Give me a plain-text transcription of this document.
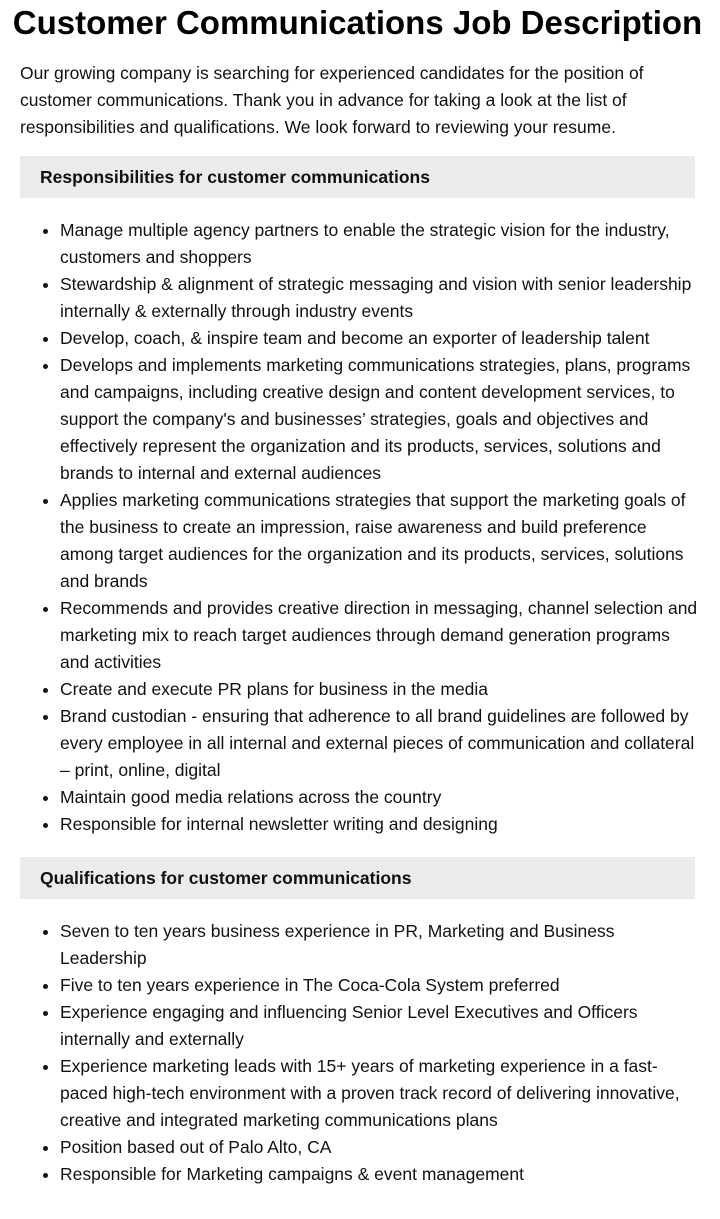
Customer Communications Job Description

Our growing company is searching for experienced candidates for the position of customer communications. Thank you in advance for taking a look at the list of responsibilities and qualifications. We look forward to reviewing your resume.

Responsibilities for customer communications
• Manage multiple agency partners to enable the strategic vision for the industry, customers and shoppers
• Stewardship & alignment of strategic messaging and vision with senior leadership internally & externally through industry events
• Develop, coach, & inspire team and become an exporter of leadership talent
• Develops and implements marketing communications strategies, plans, programs and campaigns, including creative design and content development services, to support the company's and businesses’ strategies, goals and objectives and effectively represent the organization and its products, services, solutions and brands to internal and external audiences
• Applies marketing communications strategies that support the marketing goals of the business to create an impression, raise awareness and build preference among target audiences for the organization and its products, services, solutions and brands
• Recommends and provides creative direction in messaging, channel selection and marketing mix to reach target audiences through demand generation programs and activities
• Create and execute PR plans for business in the media
• Brand custodian - ensuring that adherence to all brand guidelines are followed by every employee in all internal and external pieces of communication and collateral – print, online, digital
• Maintain good media relations across the country
• Responsible for internal newsletter writing and designing
Qualifications for customer communications
• Seven to ten years business experience in PR, Marketing and Business Leadership
• Five to ten years experience in The Coca-Cola System preferred
• Experience engaging and influencing Senior Level Executives and Officers internally and externally
• Experience marketing leads with 15+ years of marketing experience in a fast-paced high-tech environment with a proven track record of delivering innovative, creative and integrated marketing communications plans
• Position based out of Palo Alto, CA
• Responsible for Marketing campaigns & event management
